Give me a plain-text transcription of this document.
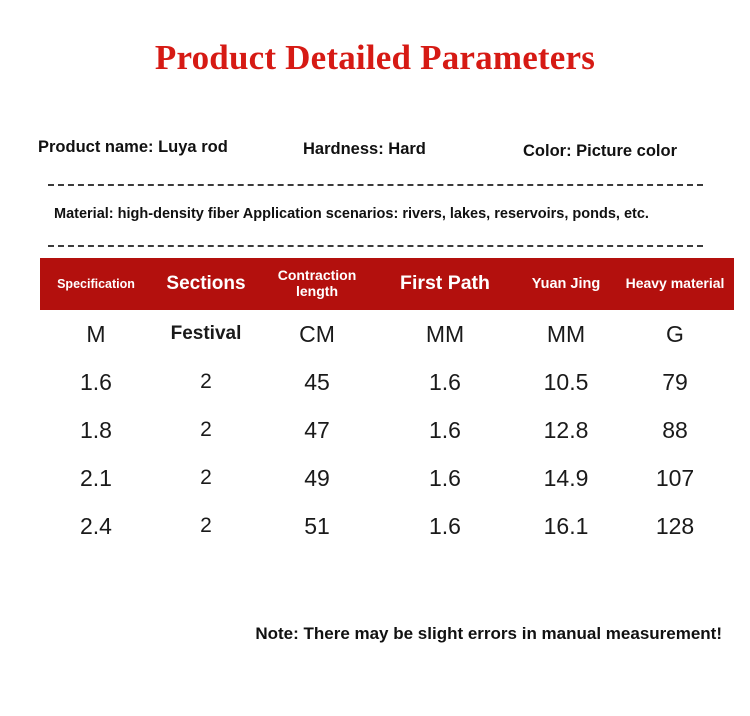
Product Detailed Parameters
Product name: Luya rod	Hardness: Hard	Color: Picture color
Material: high-density fiber Application scenarios: rivers, lakes, reservoirs, ponds, etc.
Specification	Sections	Contraction length	First Path	Yuan Jing	Heavy material
M	Festival	CM	MM	MM	G
1.6	2	45	1.6	10.5	79
1.8	2	47	1.6	12.8	88
2.1	2	49	1.6	14.9	107
2.4	2	51	1.6	16.1	128
Note: There may be slight errors in manual measurement!
